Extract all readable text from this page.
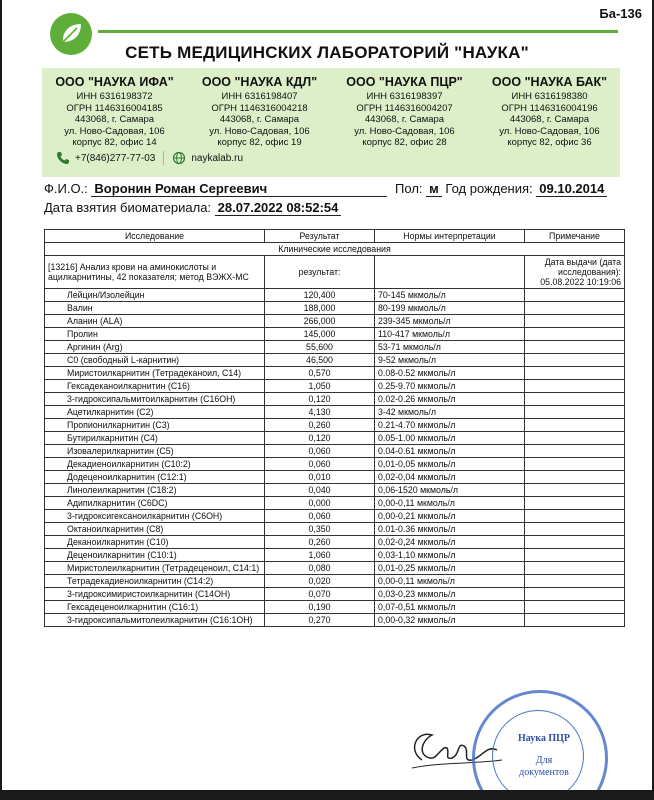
Ба-136
СЕТЬ МЕДИЦИНСКИХ ЛАБОРАТОРИЙ "НАУКА"
ООО "НАУКА ИФА"
ИНН 6316198372
ОГРН 1146316004185
443068, г. Самара
ул. Ново-Садовая, 106
корпус 82, офис 14
ООО "НАУКА КДЛ"
ИНН 6316198407
ОГРН 1146316004218
443068, г. Самара
ул. Ново-Садовая, 106
корпус 82, офис 19
ООО "НАУКА ПЦР"
ИНН 6316198397
ОГРН 1146316004207
443068, г. Самара
ул. Ново-Садовая, 106
корпус 82, офис 28
ООО "НАУКА БАК"
ИНН 6316198380
ОГРН 1146316004196
443068, г. Самара
ул. Ново-Садовая, 106
корпус 82, офис 36
+7(846)277-77-03	naykalab.ru
Ф.И.О.: Воронин Роман Сергеевич	Пол: м Год рождения: 09.10.2014
Дата взятия биоматериала: 28.07.2022 08:52:54
Исследование	Результат	Нормы интерпретации	Примечание
Клинические исследования			
[13216] Анализ крови на аминокислоты и ацилкарнитины, 42 показателя; метод ВЭЖХ-МС	результат:		Дата выдачи (дата исследования): 05.08.2022 10:19:06
Лейцин/Изолейцин	120,400	70-145 мкмоль/л	
Валин	188,000	80-199 мкмоль/л	
Аланин (ALA)	266,000	239-345 мкмоль/л	
Пролин	145,000	110-417 мкмоль/л	
Аргинин (Arg)	55,600	53-71 мкмоль/л	
C0 (свободный L-карнитин)	46,500	9-52 мкмоль/л	
Миристоилкарнитин (Тетрадеканоил, C14)	0,570	0.08-0.52 мкмоль/л	
Гексадеканоилкарнитин (C16)	1,050	0.25-9.70 мкмоль/л	
3-гидроксипальмитоилкарнитин (C16OH)	0,120	0.02-0.26 мкмоль/л	
Ацетилкарнитин (C2)	4,130	3-42 мкмоль/л	
Пропионилкарнитин (C3)	0,260	0.21-4.70 мкмоль/л	
Бутирилкарнитин (C4)	0,120	0.05-1.00 мкмоль/л	
Изовалерилкарнитин (C5)	0,060	0.04-0.61 мкмоль/л	
Декадиеноилкарнитин (C10:2)	0,060	0,01-0,05 мкмоль/л	
Додеценоилкарнитин (C12:1)	0,010	0,02-0,04 мкмоль/л	
Линолеилкарнитин (C18:2)	0,040	0,06-1520 мкмоль/л	
Адипилкарнитин (C6DC)	0,000	0,00-0,11 мкмоль/л	
3-гидроксигексаноилкарнитин (C6OH)	0,060	0,00-0,21 мкмоль/л	
Октаноилкарнитин (C8)	0,350	0.01-0.36 мкмоль/л	
Деканоилкарнитин (C10)	0,260	0,02-0,24 мкмоль/л	
Деценоилкарнитин (C10:1)	1,060	0,03-1,10 мкмоль/л	
Миристолеилкарнитин (Тетрадеценоил, C14:1)	0,080	0,01-0,25 мкмоль/л	
Тетрадекадиеноилкарнитин (C14:2)	0,020	0,00-0,11 мкмоль/л	
3-гидроксимиристоилкарнитин (C14OH)	0,070	0,03-0,23 мкмоль/л	
Гексадеценоилкарнитин (C16:1)	0,190	0,07-0,51 мкмоль/л	
3-гидроксипальмитолеилкарнитин (C16:1OH)	0,270	0,00-0,32 мкмоль/л	
Наука ПЦР
Для
документов
